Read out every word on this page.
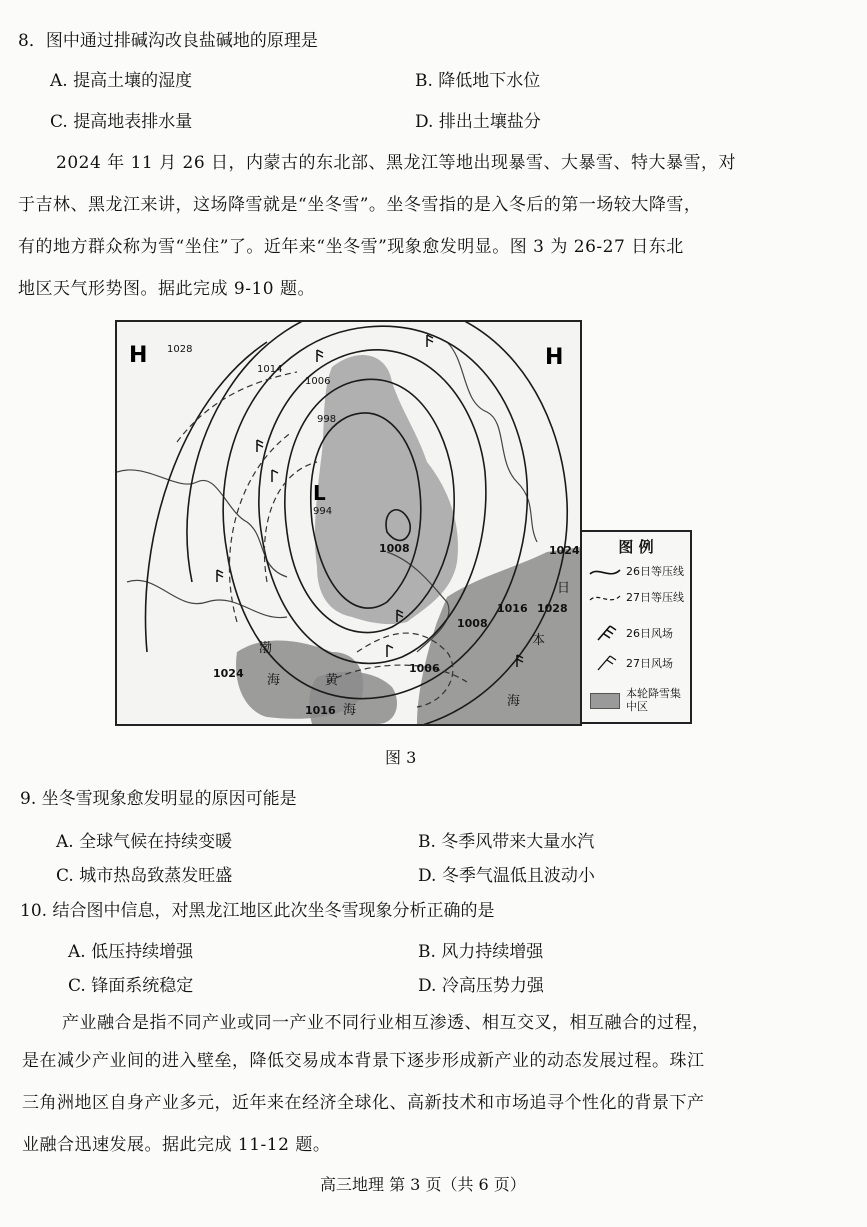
8．图中通过排碱沟改良盐碱地的原理是
A. 提高土壤的湿度	B. 降低地下水位
C. 提高地表排水量	D. 排出土壤盐分
2024 年 11 月 26 日，内蒙古的东北部、黑龙江等地出现暴雪、大暴雪、特大暴雪，对
于吉林、黑龙江来讲，这场降雪就是“坐冬雪”。坐冬雪指的是入冬后的第一场较大降雪，
有的地方群众称为雪“坐住”了。近年来“坐冬雪”现象愈发明显。图 3 为 26-27 日东北
地区天气形势图。据此完成 9-10 题。
H	H
L
1028
1014
1006
998
994
1008	1024
1028
1016
1008
1006
1024
1016
渤
海	黄
海
日
本
海
图 例
26日等压线
27日等压线
26日风场
27日风场
本轮降雪集中区
图 3
9. 坐冬雪现象愈发明显的原因可能是
A. 全球气候在持续变暖	B. 冬季风带来大量水汽
C. 城市热岛致蒸发旺盛	D. 冬季气温低且波动小
10. 结合图中信息，对黑龙江地区此次坐冬雪现象分析正确的是
A. 低压持续增强	B. 风力持续增强
C. 锋面系统稳定	D. 冷高压势力强
产业融合是指不同产业或同一产业不同行业相互渗透、相互交叉，相互融合的过程，
是在减少产业间的进入壁垒，降低交易成本背景下逐步形成新产业的动态发展过程。珠江
三角洲地区自身产业多元，近年来在经济全球化、高新技术和市场追寻个性化的背景下产
业融合迅速发展。据此完成 11-12 题。
高三地理 第 3 页（共 6 页）
